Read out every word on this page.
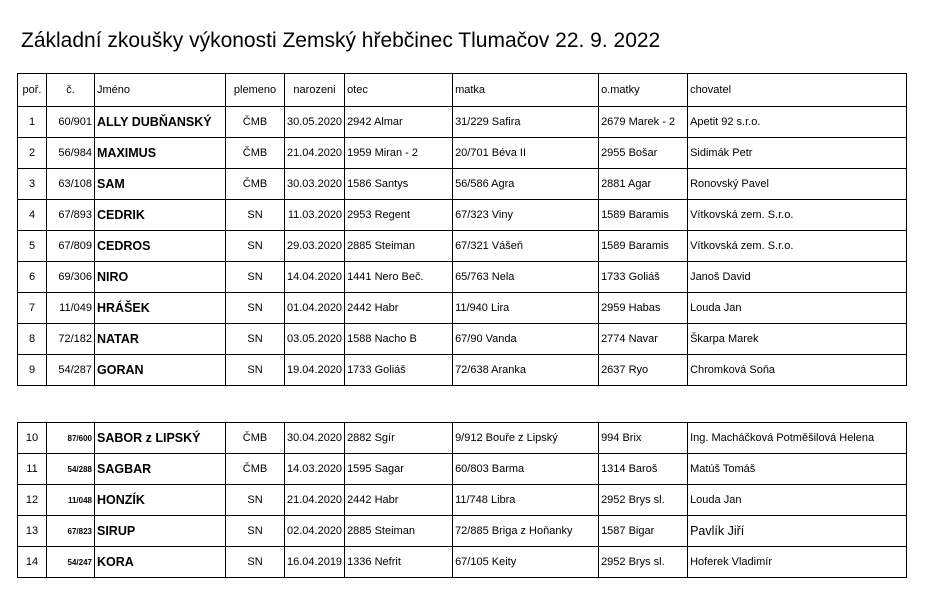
Základní zkoušky výkonosti Zemský hřebčinec Tlumačov 22. 9. 2022
poř.	č.	Jméno	plemeno	narozeni	otec	matka	o.matky	chovatel
1	60/901	ALLY DUBŇANSKÝ	ČMB	30.05.2020	2942 Almar	31/229 Safira	2679 Marek - 2	Apetit 92 s.r.o.
2	56/984	MAXIMUS	ČMB	21.04.2020	1959 Miran - 2	20/701 Béva II	2955 Bošar	Sidimák Petr
3	63/108	SAM	ČMB	30.03.2020	1586 Santys	56/586 Agra	2881 Agar	Ronovský Pavel
4	67/893	CEDRIK	SN	11.03.2020	2953 Regent	67/323 Viny	1589 Baramis	Vítkovská zem. S.r.o.
5	67/809	CEDROS	SN	29.03.2020	2885 Steiman	67/321 Vášeň	1589 Baramis	Vítkovská zem. S.r.o.
6	69/306	NIRO	SN	14.04.2020	1441 Nero Beč.	65/763 Nela	1733 Goliáš	Janoš David
7	11/049	HRÁŠEK	SN	01.04.2020	2442 Habr	11/940 Lira	2959 Habas	Louda Jan
8	72/182	NATAR	SN	03.05.2020	1588 Nacho B	67/90 Vanda	2774 Navar	Škarpa Marek
9	54/287	GORAN	SN	19.04.2020	1733 Goliáš	72/638 Aranka	2637 Ryo	Chromková Soňa
10	87/600	SABOR z LIPSKÝ	ČMB	30.04.2020	2882 Sgír	9/912 Bouře z Lipský	994 Brix	Ing. Macháčková Potměšilová Helena
11	54/288	SAGBAR	ČMB	14.03.2020	1595 Sagar	60/803 Barma	1314 Baroš	Matúš Tomáš
12	11/048	HONZÍK	SN	21.04.2020	2442 Habr	11/748 Libra	2952 Brys sl.	Louda Jan
13	67/823	SIRUP	SN	02.04.2020	2885 Steiman	72/885 Briga z Hoňanky	1587 Bigar	Pavlík Jiří
14	54/247	KORA	SN	16.04.2019	1336 Nefrit	67/105 Keity	2952 Brys sl.	Hoferek Vladimír
